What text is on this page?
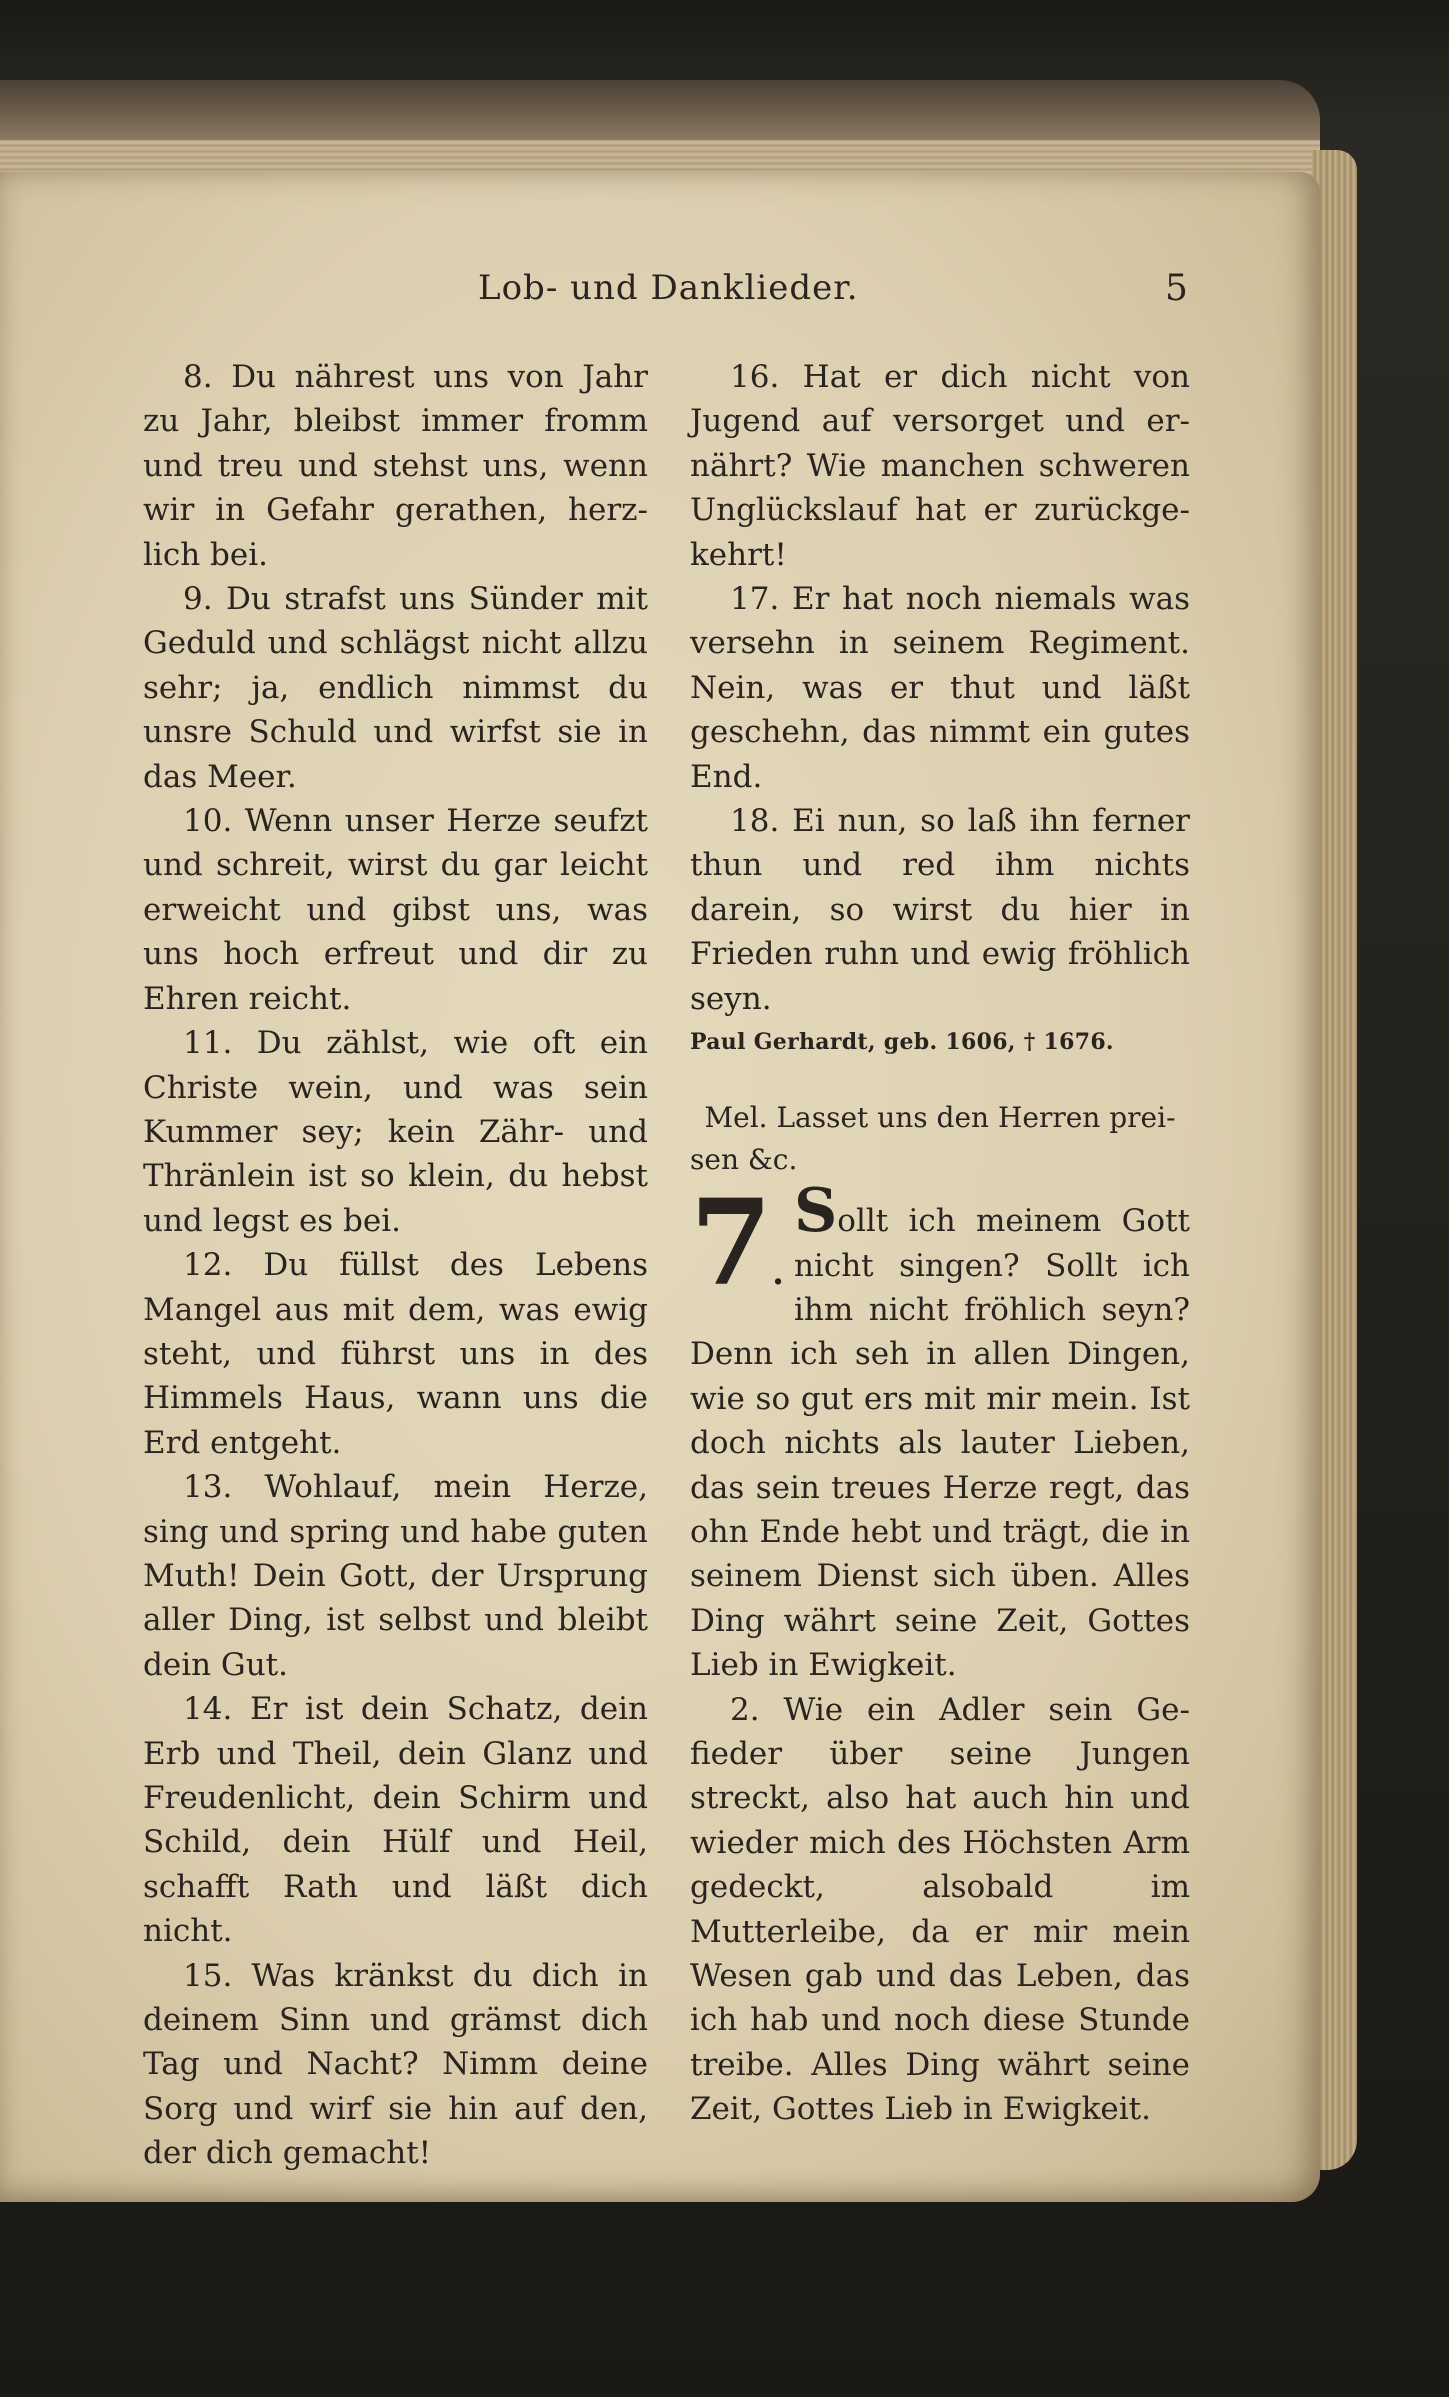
Lob- und Danklieder.	5

8. Du nährest uns von Jahr zu Jahr, bleibst immer fromm und treu und stehst uns, wenn wir in Gefahr gerathen, herzlich bei.

9. Du strafst uns Sünder mit Geduld und schlägst nicht allzu sehr; ja, endlich nimmst du unsre Schuld und wirfst sie in das Meer.

10. Wenn unser Herze seufzt und schreit, wirst du gar leicht erweicht und gibst uns, was uns hoch erfreut und dir zu Ehren reicht.

11. Du zählst, wie oft ein Christe wein, und was sein Kummer sey; kein Zähr- und Thränlein ist so klein, du hebst und legst es bei.

12. Du füllst des Lebens Mangel aus mit dem, was ewig steht, und führst uns in des Himmels Haus, wann uns die Erd entgeht.

13. Wohlauf, mein Herze, sing und spring und habe guten Muth! Dein Gott, der Ursprung aller Ding, ist selbst und bleibt dein Gut.

14. Er ist dein Schatz, dein Erb und Theil, dein Glanz und Freudenlicht, dein Schirm und Schild, dein Hülf und Heil, schafft Rath und läßt dich nicht.

15. Was kränkst du dich in deinem Sinn und grämst dich Tag und Nacht? Nimm deine Sorg und wirf sie hin auf den, der dich gemacht!

16. Hat er dich nicht von Jugend auf versorget und ernährt? Wie manchen schweren Unglückslauf hat er zurückgekehrt!

17. Er hat noch niemals was versehn in seinem Regiment. Nein, was er thut und läßt geschehn, das nimmt ein gutes End.

18. Ei nun, so laß ihn ferner thun und red ihm nichts darein, so wirst du hier in Frieden ruhn und ewig fröhlich seyn.

Paul Gerhardt, geb. 1606, † 1676.

Mel. Lasset uns den Herren preisen &c.

7.
Sollt ich meinem Gott nicht singen? Sollt ich ihm nicht fröhlich seyn? Denn ich seh in allen Dingen, wie so gut ers mit mir mein. Ist doch nichts als lauter Lieben, das sein treues Herze regt, das ohn Ende hebt und trägt, die in seinem Dienst sich üben. Alles Ding währt seine Zeit, Gottes Lieb in Ewigkeit.

2. Wie ein Adler sein Gefieder über seine Jungen streckt, also hat auch hin und wieder mich des Höchsten Arm gedeckt, alsobald im Mutterleibe, da er mir mein Wesen gab und das Leben, das ich hab und noch diese Stunde treibe. Alles Ding währt seine Zeit, Gottes Lieb in Ewigkeit.
